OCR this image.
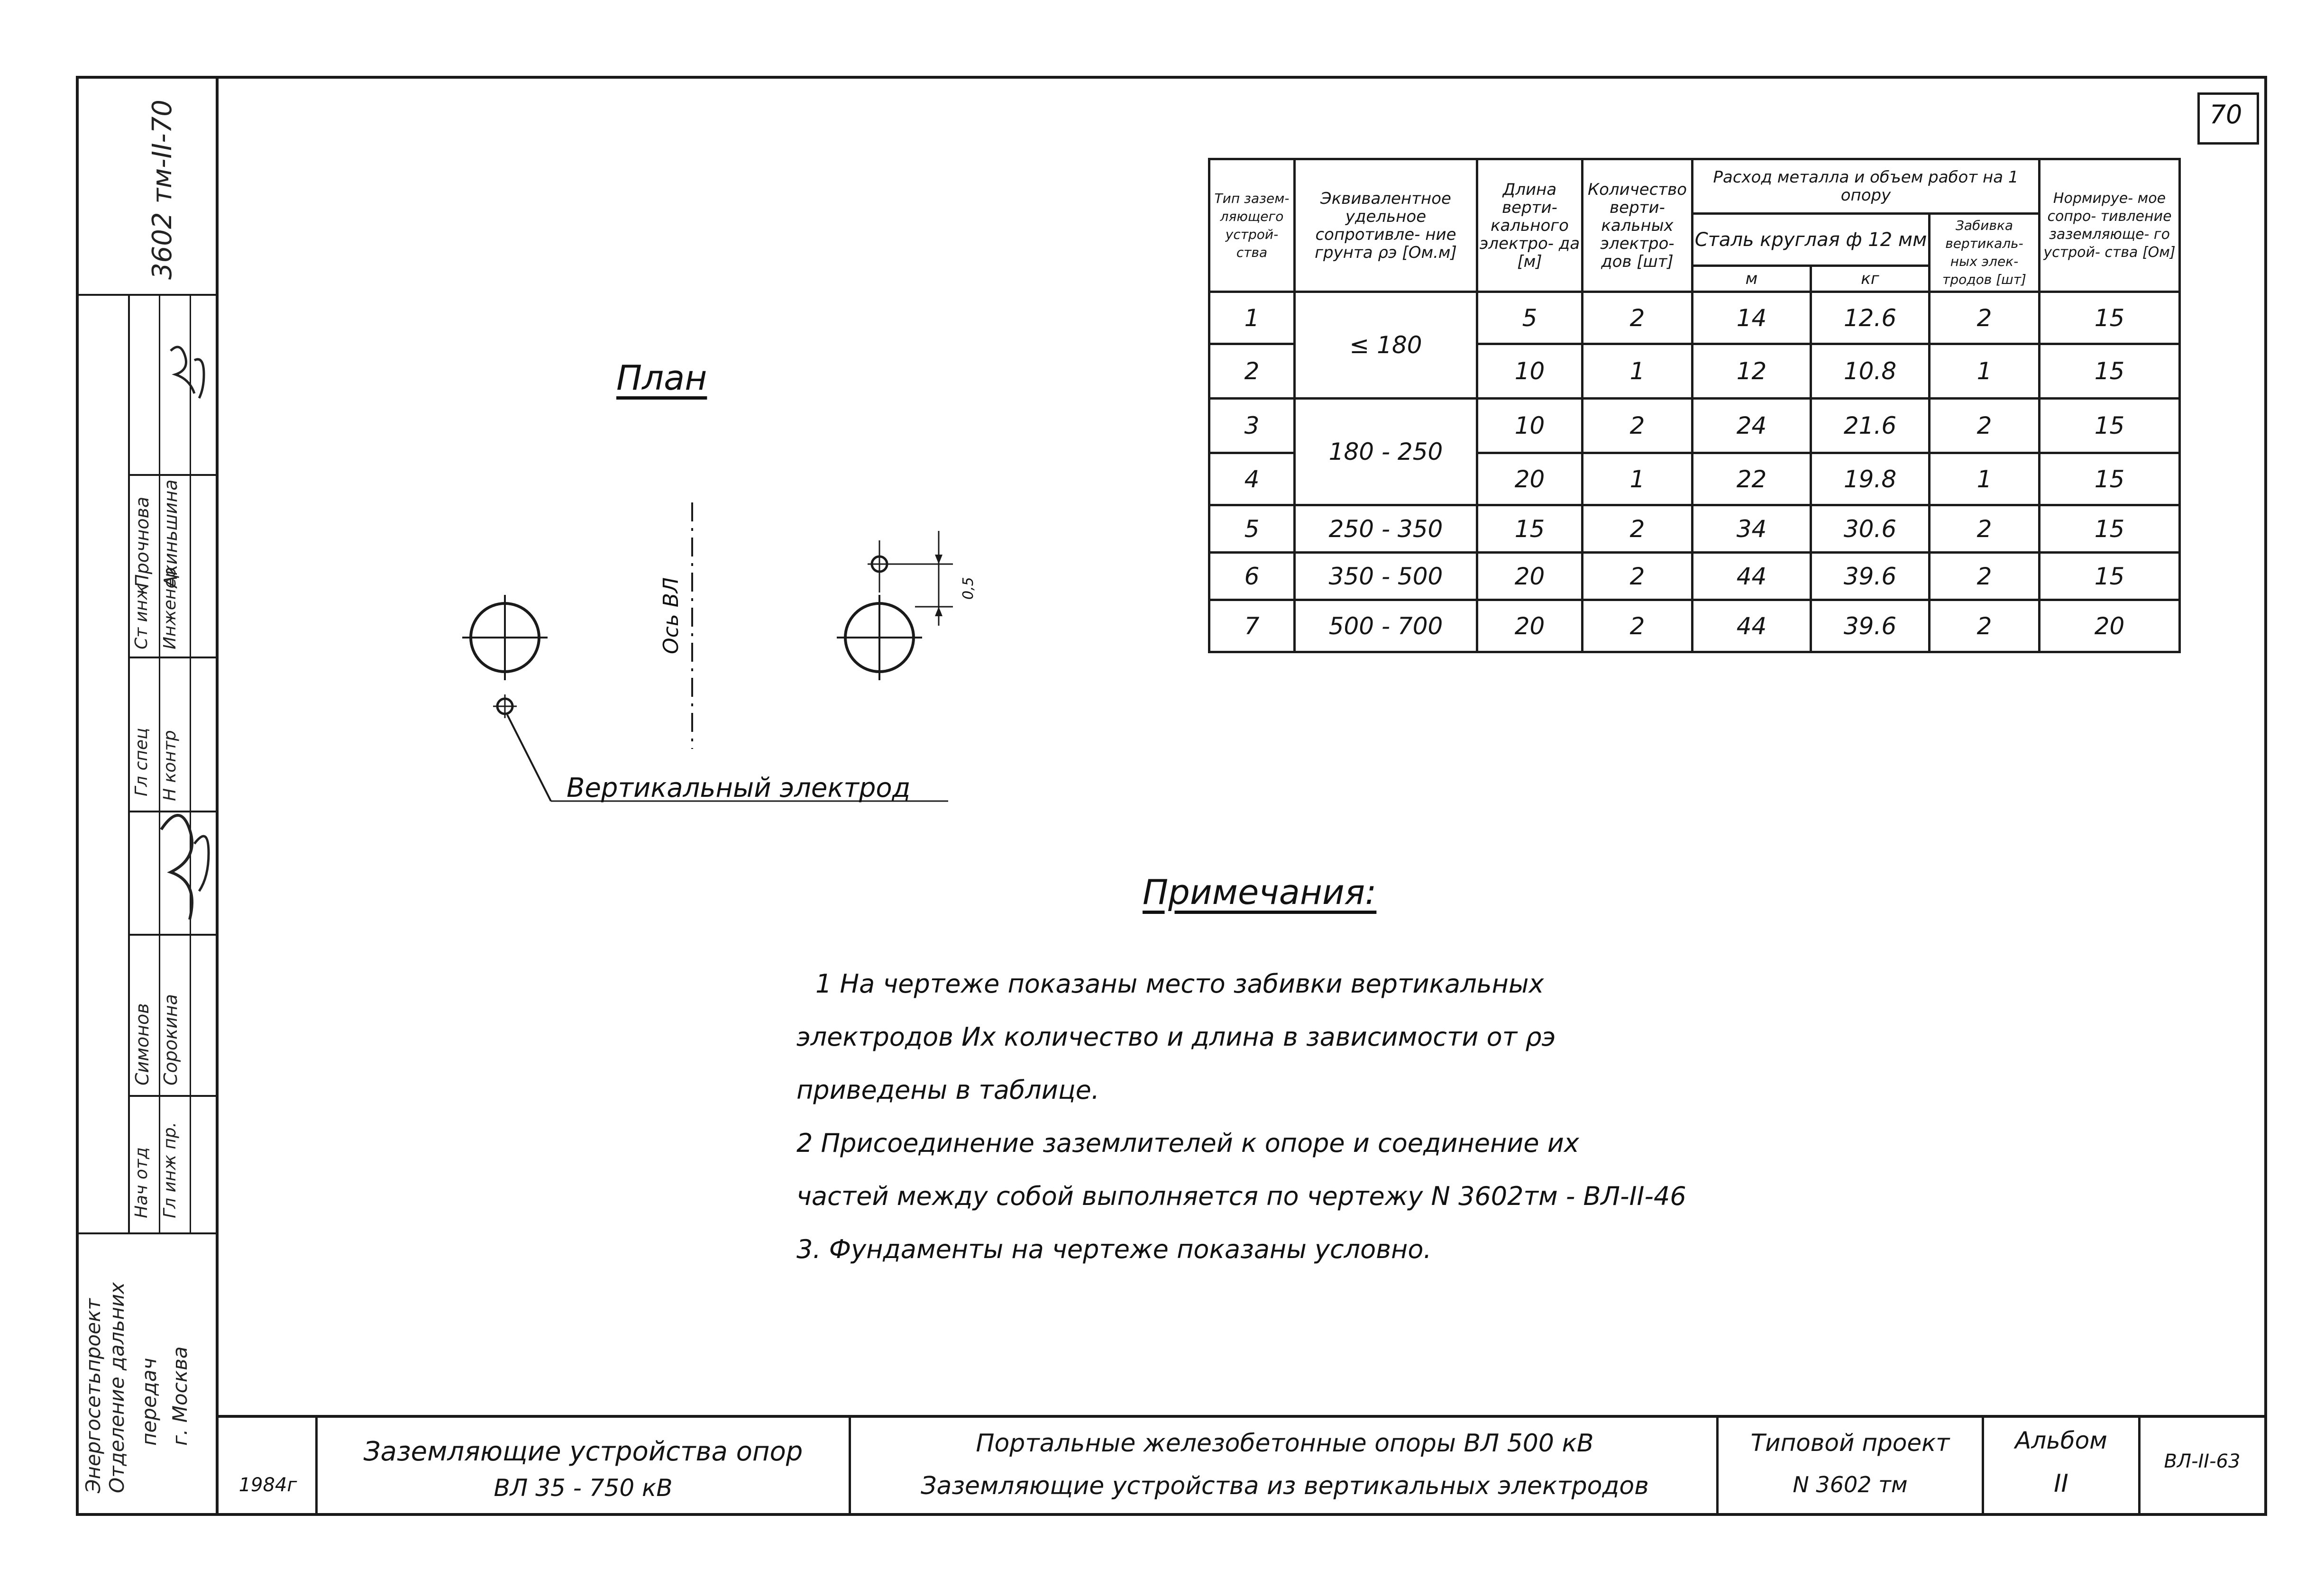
70
3602 тм-II-70
Нач отд Гл инж пр.
Гл спец
Ст инж Инженер
Н контр
Симонов Сорокина
Прочнова Акиньшина
Энергосетьпроект Отделение дальних передач г. Москва
План
Ось ВЛ	0,5
Вертикальный электрод
Тип зазем- ляющего устрой- ства	Эквивалентное удельное сопротивле- ние грунта ρэ [Ом.м]	Длина верти- кального электро- да [м]	Количество верти- кальных электро- дов [шт]	Расход металла и объем работ на 1 опору			Нормируе- мое сопро- тивление заземляюще- го устрой- ства [Ом]
				Сталь круглая ф 12 мм		Забивка вертикаль- ных элек- тродов [шт]	
				м	кг		
1	≤ 180	5	2	14	12.6	2	15
2		10	1	12	10.8	1	15
3	180 - 250	10	2	24	21.6	2	15
4		20	1	22	19.8	1	15
5	250 - 350	15	2	34	30.6	2	15
6	350 - 500	20	2	44	39.6	2	15
7	500 - 700	20	2	44	39.6	2	20
Примечания:

1 На чертеже показаны место забивки вертикальных

электродов Их количество и длина в зависимости от ρэ

приведены в таблице.

2 Присоединение заземлителей к опоре и соединение их

частей между собой выполняется по чертежу N 3602тм - ВЛ-II-46

3. Фундаменты на чертеже показаны условно.

1984г
Заземляющие устройства опор
ВЛ 35 - 750 кВ
Портальные железобетонные опоры ВЛ 500 кВ
Заземляющие устройства из вертикальных электродов
Типовой проект
N 3602 тм
Альбом
II
ВЛ-II-63
